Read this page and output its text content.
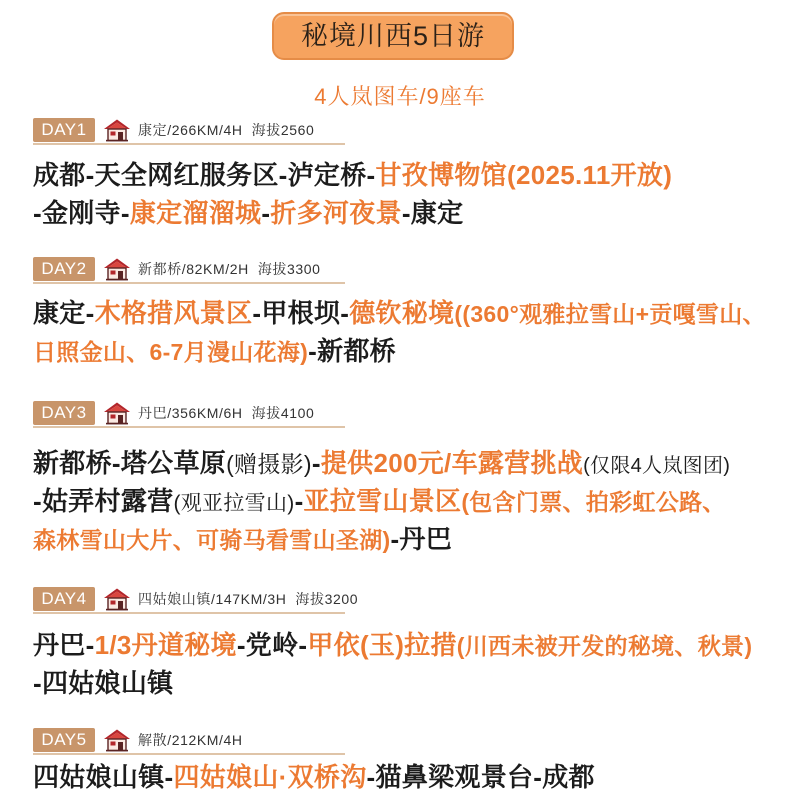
秘境川西5日游
4人岚图车/9座车
DAY1	康定/266KM/4H  海拔2560
成都-天全网红服务区-泸定桥-甘孜博物馆(2025.11开放)
-金刚寺-康定溜溜城-折多河夜景-康定
DAY2	新都桥/82KM/2H  海拔3300
康定-木格措风景区-甲根坝-德钦秘境((360°观雅拉雪山+贡嘎雪山、
日照金山、6-7月漫山花海)-新都桥
DAY3	丹巴/356KM/6H  海拔4100
新都桥-塔公草原(赠摄影)-提供200元/车露营挑战(仅限4人岚图团)
-姑弄村露营(观亚拉雪山)-亚拉雪山景区(包含门票、拍彩虹公路、
森林雪山大片、可骑马看雪山圣湖)-丹巴
DAY4	四姑娘山镇/147KM/3H  海拔3200
丹巴-1/3丹道秘境-党岭-甲依(玉)拉措(川西未被开发的秘境、秋景)
-四姑娘山镇
DAY5	解散/212KM/4H
四姑娘山镇-四姑娘山·双桥沟-猫鼻梁观景台-成都
